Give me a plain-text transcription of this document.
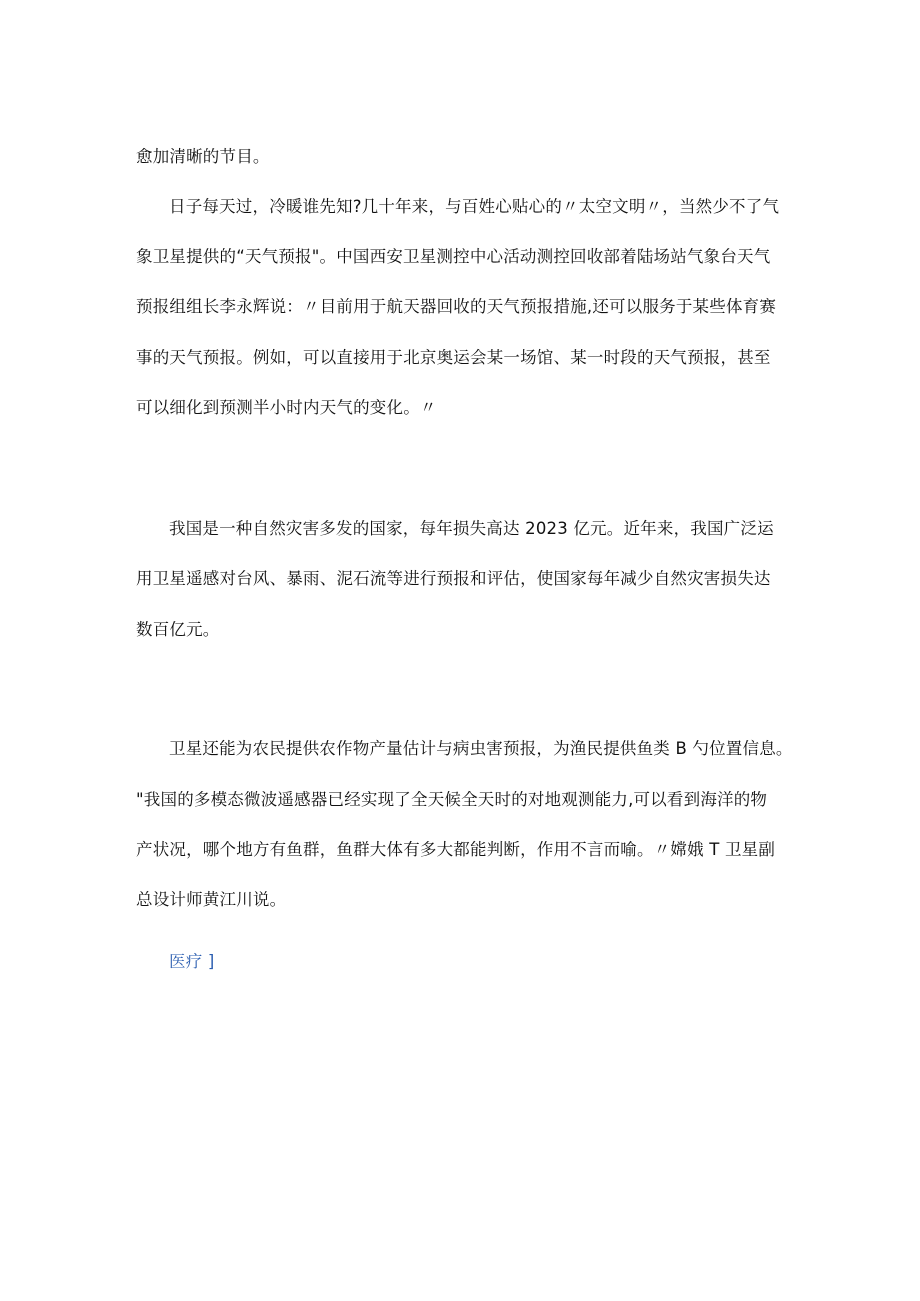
愈加清晰的节目。
日子每天过，冷暖谁先知?几十年来，与百姓心贴心的〃太空文明〃，当然少不了气
象卫星提供的“天气预报"。中国西安卫星测控中心活动测控回收部着陆场站气象台天气
预报组组长李永辉说：〃目前用于航天器回收的天气预报措施,还可以服务于某些体育赛
事的天气预报。例如，可以直接用于北京奥运会某一场馆、某一时段的天气预报，甚至
可以细化到预测半小时内天气的变化。〃
我国是一种自然灾害多发的国家，每年损失高达 2023 亿元。近年来，我国广泛运
用卫星遥感对台风、暴雨、泥石流等进行预报和评估，使国家每年减少自然灾害损失达
数百亿元。
卫星还能为农民提供农作物产量估计与病虫害预报，为渔民提供鱼类 B 勺位置信息。
"我国的多模态微波遥感器已经实现了全天候全天时的对地观测能力,可以看到海洋的物
产状况，哪个地方有鱼群，鱼群大体有多大都能判断，作用不言而喻。〃嫦娥 T 卫星副
总设计师黄江川说。
医疗 ]
